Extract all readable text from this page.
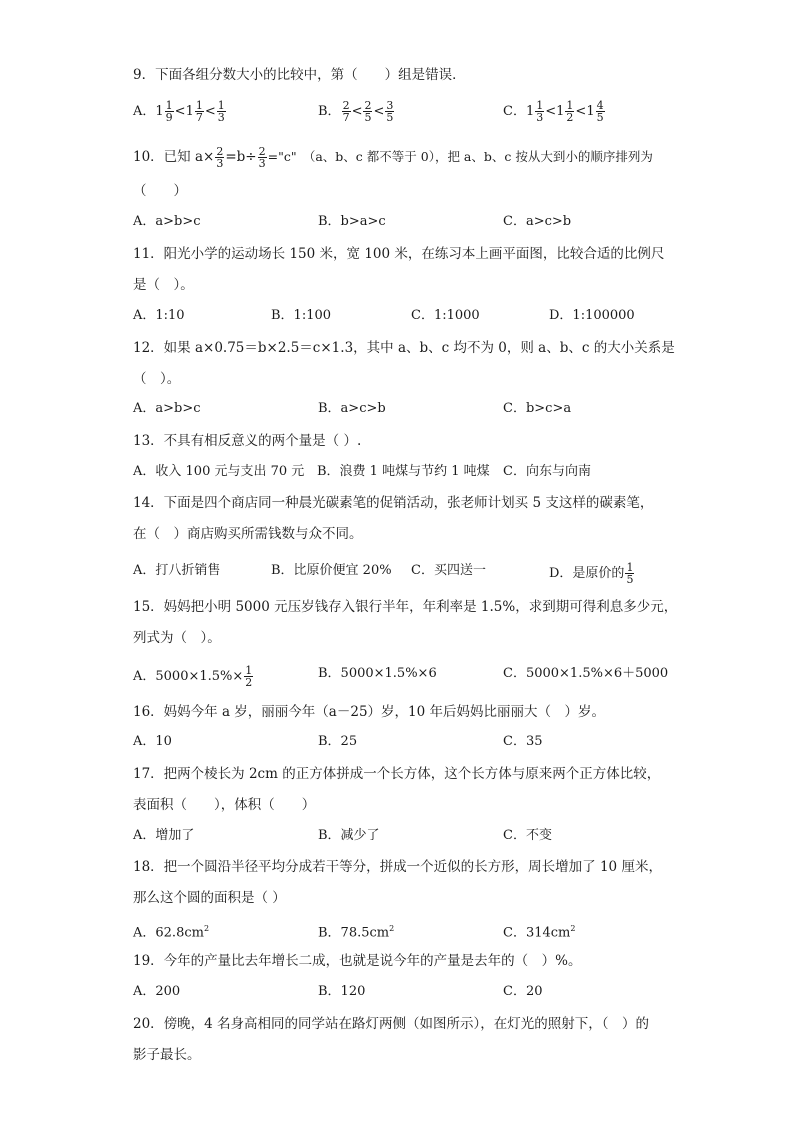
9．下面各组分数大小的比较中，第（　　）组是错误．
A．$1 \frac{1}{9} <1 \frac{1}{7} < \frac{1}{3}$	B． $\frac{2}{7} < \frac{2}{5} < \frac{3}{5}$	C．$1 \frac{1}{3} <1 \frac{1}{2} <1 \frac{4}{5}$
10．已知 $a\times \frac{2}{3} =b\div \frac{2}{3}$ ="c"　（a、b、c 都不等于 0），把 a、b、c 按从大到小的顺序排列为
（　　）
A．a>b>c	B．b>a>c	C．a>c>b
11．阳光小学的运动场长 150 米，宽 100 米，在练习本上画平面图，比较合适的比例尺
是（　）。
A．1:10	B．1:100	C．1:1000	D．1:100000
12．如果 a×0.75＝b×2.5＝c×1.3，其中 a、b、c 均不为 0，则 a、b、c 的大小关系是
（　）。
A．a>b>c	B．a>c>b	C．b>c>a
13．不具有相反意义的两个量是（ ）.
A．收入 100 元与支出 70 元 B．浪费 1 吨煤与节约 1 吨煤 C．向东与向南
14．下面是四个商店同一种晨光碳素笔的促销活动，张老师计划买 5 支这样的碳素笔，
在（　）商店购买所需钱数与众不同。
A．打八折销售	B．比原价便宜 20% C．买四送一	D．是原价的 $\frac{1}{5}$
15．妈妈把小明 5000 元压岁钱存入银行半年，年利率是 1.5%，求到期可得利息多少元，
列式为（　）。
A．$5000\times 1.5\%\times \frac{1}{2}$	B．5000×1.5%×6	C．5000×1.5%×6＋5000
16．妈妈今年 a 岁，丽丽今年（a－25）岁，10 年后妈妈比丽丽大（　）岁。
A．10	B．25	C．35
17．把两个棱长为 2cm 的正方体拼成一个长方体，这个长方体与原来两个正方体比较，
表面积（　　），体积（　　）
A．增加了	B．减少了	C．不变
18．把一个圆沿半径平均分成若干等分，拼成一个近似的长方形，周长增加了 10 厘米，
那么这个圆的面积是（ ）
A．$62.8cm^2$	B．$78.5cm^2$	C．$314cm^2$
19．今年的产量比去年增长二成，也就是说今年的产量是去年的（　）%。
A．200	B．120	C．20
20．傍晚，4 名身高相同的同学站在路灯两侧（如图所示），在灯光的照射下，（　）的
影子最长。
